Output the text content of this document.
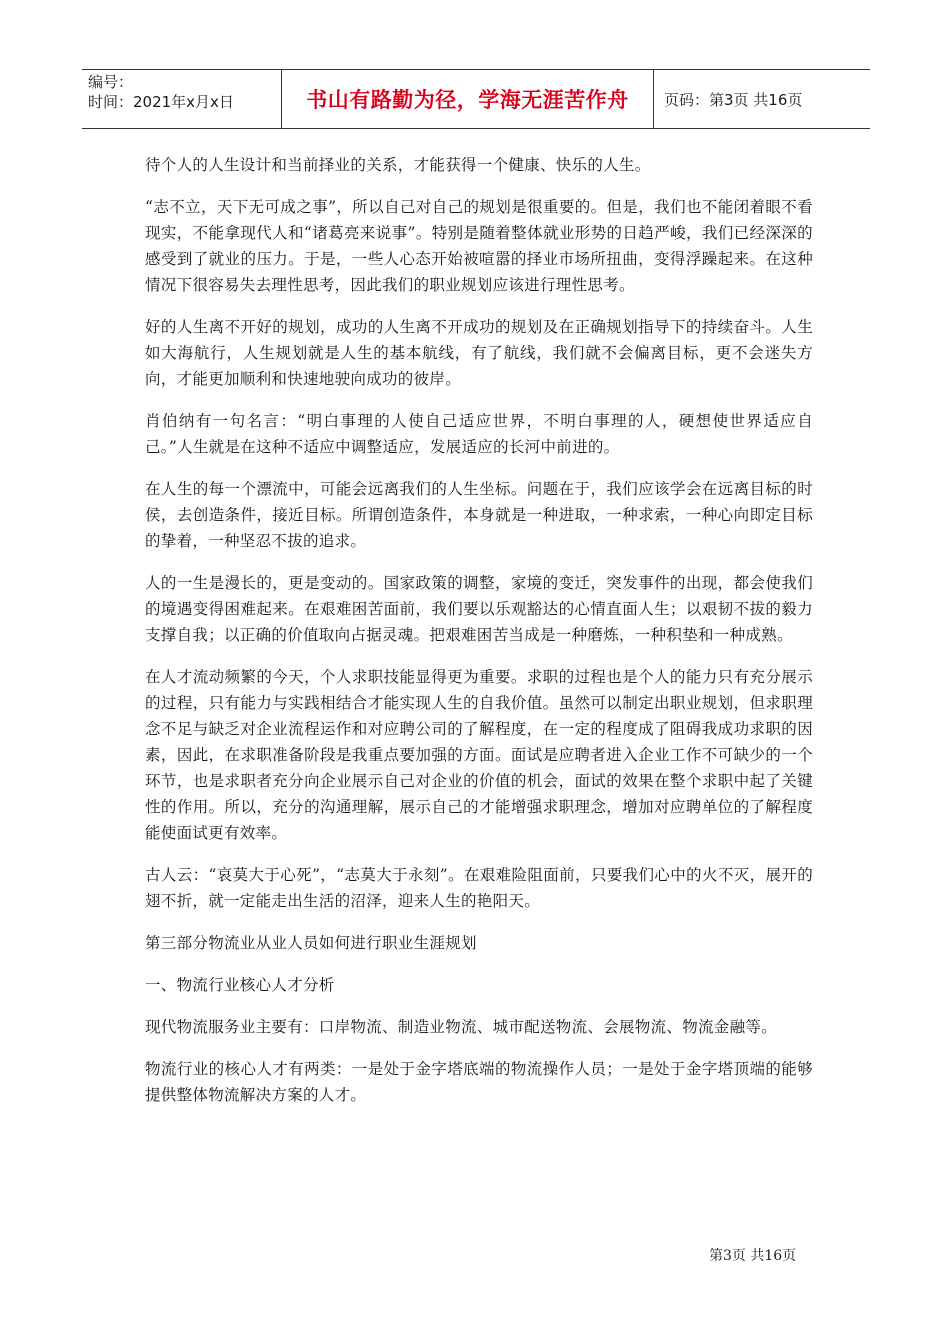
编号：
时间：2021年x月x日	书山有路勤为径，学海无涯苦作舟	页码：第3页 共16页

待个人的人生设计和当前择业的关系，才能获得一个健康、快乐的人生。

“志不立，天下无可成之事”，所以自己对自己的规划是很重要的。但是，我们也不能闭着眼不看现实，不能拿现代人和“诸葛亮来说事”。特别是随着整体就业形势的日趋严峻，我们已经深深的感受到了就业的压力。于是，一些人心态开始被喧嚣的择业市场所扭曲，变得浮躁起来。在这种情况下很容易失去理性思考，因此我们的职业规划应该进行理性思考。

好的人生离不开好的规划，成功的人生离不开成功的规划及在正确规划指导下的持续奋斗。人生如大海航行，人生规划就是人生的基本航线，有了航线，我们就不会偏离目标，更不会迷失方向，才能更加顺利和快速地驶向成功的彼岸。

肖伯纳有一句名言：“明白事理的人使自己适应世界，不明白事理的人，硬想使世界适应自己。”人生就是在这种不适应中调整适应，发展适应的长河中前进的。

在人生的每一个漂流中，可能会远离我们的人生坐标。问题在于，我们应该学会在远离目标的时侯，去创造条件，接近目标。所谓创造条件，本身就是一种进取，一种求索，一种心向即定目标的挚着，一种坚忍不拔的追求。

人的一生是漫长的，更是变动的。国家政策的调整，家境的变迁，突发事件的出现，都会使我们的境遇变得困难起来。在艰难困苦面前，我们要以乐观豁达的心情直面人生；以艰韧不拔的毅力支撑自我；以正确的价值取向占据灵魂。把艰难困苦当成是一种磨炼，一种积垫和一种成熟。

在人才流动频繁的今天，个人求职技能显得更为重要。求职的过程也是个人的能力只有充分展示的过程，只有能力与实践相结合才能实现人生的自我价值。虽然可以制定出职业规划，但求职理念不足与缺乏对企业流程运作和对应聘公司的了解程度，在一定的程度成了阻碍我成功求职的因素，因此，在求职准备阶段是我重点要加强的方面。面试是应聘者进入企业工作不可缺少的一个环节，也是求职者充分向企业展示自己对企业的价值的机会，面试的效果在整个求职中起了关键性的作用。所以，充分的沟通理解，展示自己的才能增强求职理念，增加对应聘单位的了解程度能使面试更有效率。

古人云：“哀莫大于心死”，“志莫大于永刻”。在艰难险阻面前，只要我们心中的火不灭，展开的翅不折，就一定能走出生活的沼泽，迎来人生的艳阳天。

第三部分物流业从业人员如何进行职业生涯规划

一、物流行业核心人才分析

现代物流服务业主要有：口岸物流、制造业物流、城市配送物流、会展物流、物流金融等。

物流行业的核心人才有两类：一是处于金字塔底端的物流操作人员；一是处于金字塔顶端的能够提供整体物流解决方案的人才。

第3页 共16页
